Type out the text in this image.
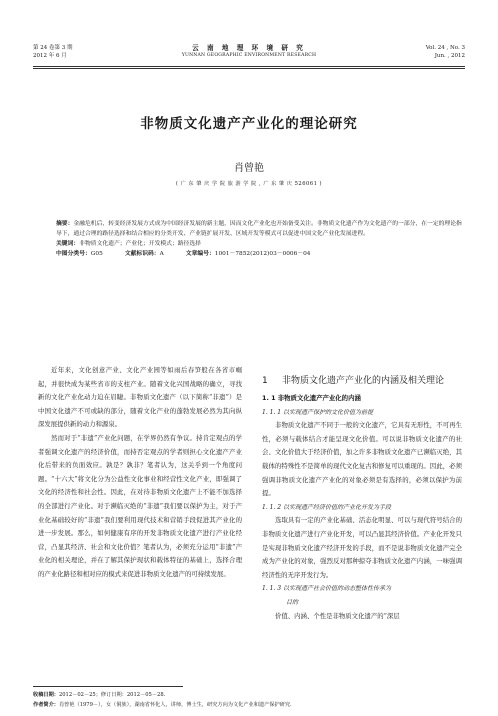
第 24 卷第 3 期
2012 年 6 月
云 南 地 理 环 境 研 究
YUNNAN GEOGRAPHIC ENVIRONMENT RESEARCH
Vol. 24 , No. 3
Jun. , 2012
非物质文化遗产产业化的理论研究
肖曾艳
( 广 东 肇 庆 学 院 旅 游 学 院 , 广 东 肇 庆 526061 )
摘要：金融危机后，转变经济发展方式成为中国经济发展的新主题，因而文化产业化也开始备受关注。非物质文化遗产作为文化遗产的一部分，在一定的理论指导下，通过合理的路径选择和结合相应的分类开发、产业链扩展开发、区域开发等模式可以促进中国文化产业化发展进程。
关键词：非物质文化遗产；产业化；开发模式；路径选择
中图分类号：G05	文献标识码：A	文章编号：1001－7852(2012)03－0006－04

近年来，文化创意产业、文化产业园等如雨后春笋般在各省市崛起，并很快成为某些省市的支柱产业。随着文化兴国战略的确立，寻找新的文化产业化动力迫在眉睫。非物质文化遗产（以下简称“非遗”）是中国文化遗产不可或缺的部分，随着文化产业的蓬勃发展必然为其向纵深发展提供新的动力和源泉。

然而对于“非遗”产业化问题，在学界仍然有争议。持肯定观点的学者强调文化遗产的经济价值，而持否定观点的学者则担心文化遗产产业化后带来的负面效应。孰是？孰非？笔者认为，这关乎到一个角度问题。“十六大”将文化分为公益性文化事业和经营性文化产业，即强调了文化的经济性和社会性。因此，在对待非物质文化遗产上不能不加选择的全部进行产业化。对于濒临灭绝的“非遗”我们要以保护为主，对于产业化基础较好的“非遗”我们要利用现代技术和营销手段促进其产业化的进一步发展。那么，如何健康有序的开发非物质文化遗产进行产业化经营，凸显其经济、社会和文化价值？笔者认为，必须充分运用“非遗”产业化的相关理论，并在了解其保护现状和载体特征的基础上，选择合理的产业化路径和相对应的模式来促进非物质文化遗产的可持续发展。

1	非物质文化遗产产业化的内涵及相关理论
1. 1 非物质文化遗产产业化的内涵
1. 1. 1 以实现遗产保护的文化价值为前提

非物质文化遗产不同于一般的文化遗产，它具有无形性，不可再生性，必须与载体结合才能呈现文化价值。可以说非物质文化遗产的社会、文化价值大于经济价值，加之许多非物质文化遗产已濒临灭绝，其载体的特殊性不是简单的现代文化复古和修复可以重现的。因此，必须强调非物质文化遗产产业化的对象必须是有选择的，必须以保护为前提。

1. 1. 2 以实现遗产经济价值的产业化开发为手段

选取具有一定的产业化基础、活态化明显、可以与现代符号结合的非物质文化遗产进行产业化开发，可以凸显其经济价值。产业化开发只是实现非物质文化遗产经济开发的手段，而不是说非物质文化遗产完全成为产业化的对象，强烈反对那种掠夺非物质文化遗产内涵，一味强调经济性的无序开发行为。

1. 1. 3 以实现遗产社会价值的动态整体性传承为
目的

价值、内涵、个性是非物质文化遗产的“深层

收稿日期：2012－02－25；修订日期：2012－05－28.
作者简介：肖曾艳（1979－），女（侗族），湖南省怀化人，讲师，博士生，研究方向为文化产业和遗产保护研究.
